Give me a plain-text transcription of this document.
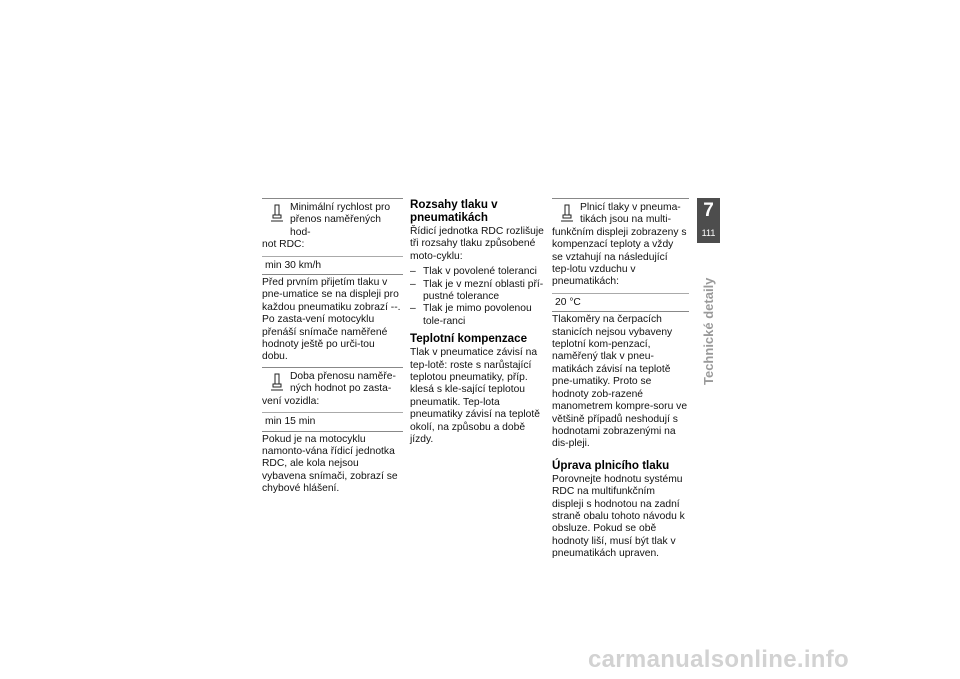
Minimální rychlost pro přenos naměřených hod-
not RDC:
min 30 km/h

Před prvním přijetím tlaku v pne-umatice se na displeji pro každou pneumatiku zobrazí --. Po zasta-vení motocyklu přenáší snímače naměřené hodnoty ještě po urči-tou dobu.

Doba přenosu naměře-ných hodnot po zasta-
vení vozidla:
min 15 min

Pokud je na motocyklu namonto-vána řídicí jednotka RDC, ale kola nejsou vybavena snímači, zobrazí se chybové hlášení.

Rozsahy tlaku v pneumatikách

Řídicí jednotka RDC rozlišuje tři rozsahy tlaku způsobené moto-cyklu:

– Tlak v povolené toleranci
– Tlak je v mezní oblasti pří-pustné tolerance
– Tlak je mimo povolenou tole-ranci
Teplotní kompenzace

Tlak v pneumatice závisí na tep-lotě: roste s narůstající teplotou pneumatiky, příp. klesá s kle-sající teplotou pneumatik. Tep-lota pneumatiky závisí na teplotě okolí, na způsobu a době jízdy.

Plnicí tlaky v pneuma-tikách jsou na multi-
funkčním displeji zobrazeny s kompenzací teploty a vždy se vztahují na následující tep-lotu vzduchu v pneumatikách:
20 °C

Tlakoměry na čerpacích stanicích nejsou vybaveny teplotní kom-penzací, naměřený tlak v pneu-matikách závisí na teplotě pne-umatiky. Proto se hodnoty zob-razené manometrem kompre-soru ve většině případů neshodují s hodnotami zobrazenými na dis-pleji.

Úprava plnicího tlaku

Porovnejte hodnotu systému RDC na multifunkčním displeji s hodnotou na zadní straně obalu tohoto návodu k obsluze. Pokud se obě hodnoty liší, musí být tlak v pneumatikách upraven.

7
111
Technické detaily
carmanualsonline.info
